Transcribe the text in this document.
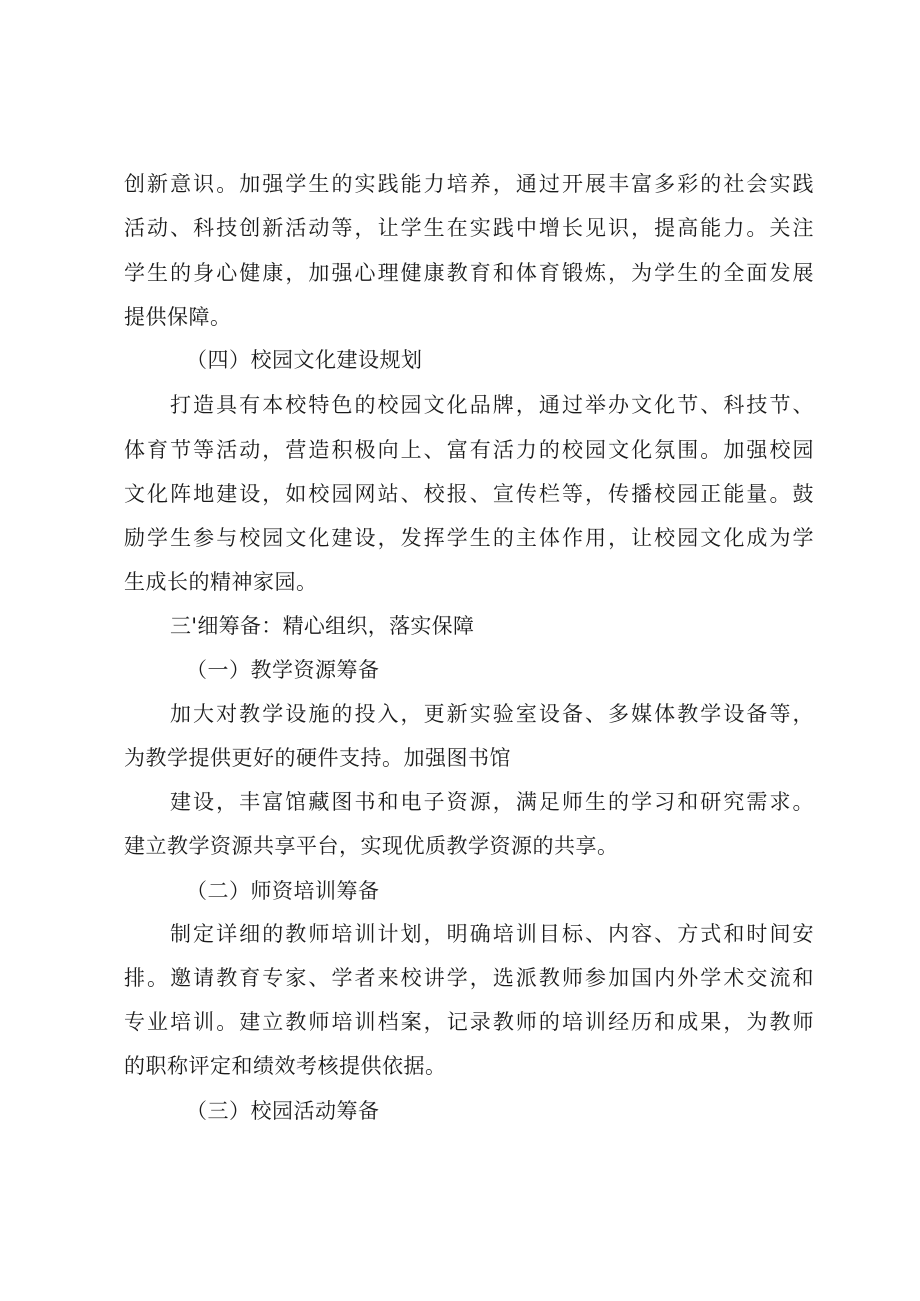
创新意识。加强学生的实践能力培养，通过开展丰富多彩的社会实践
活动、科技创新活动等，让学生在实践中增长见识，提高能力。关注
学生的身心健康，加强心理健康教育和体育锻炼，为学生的全面发展
提供保障。
（四）校园文化建设规划
打造具有本校特色的校园文化品牌，通过举办文化节、科技节、
体育节等活动，营造积极向上、富有活力的校园文化氛围。加强校园
文化阵地建设，如校园网站、校报、宣传栏等，传播校园正能量。鼓
励学生参与校园文化建设，发挥学生的主体作用，让校园文化成为学
生成长的精神家园。
三'细筹备：精心组织，落实保障
（一）教学资源筹备
加大对教学设施的投入，更新实验室设备、多媒体教学设备等，
为教学提供更好的硬件支持。加强图书馆
建设，丰富馆藏图书和电子资源，满足师生的学习和研究需求。
建立教学资源共享平台，实现优质教学资源的共享。
（二）师资培训筹备
制定详细的教师培训计划，明确培训目标、内容、方式和时间安
排。邀请教育专家、学者来校讲学，选派教师参加国内外学术交流和
专业培训。建立教师培训档案，记录教师的培训经历和成果，为教师
的职称评定和绩效考核提供依据。
（三）校园活动筹备
